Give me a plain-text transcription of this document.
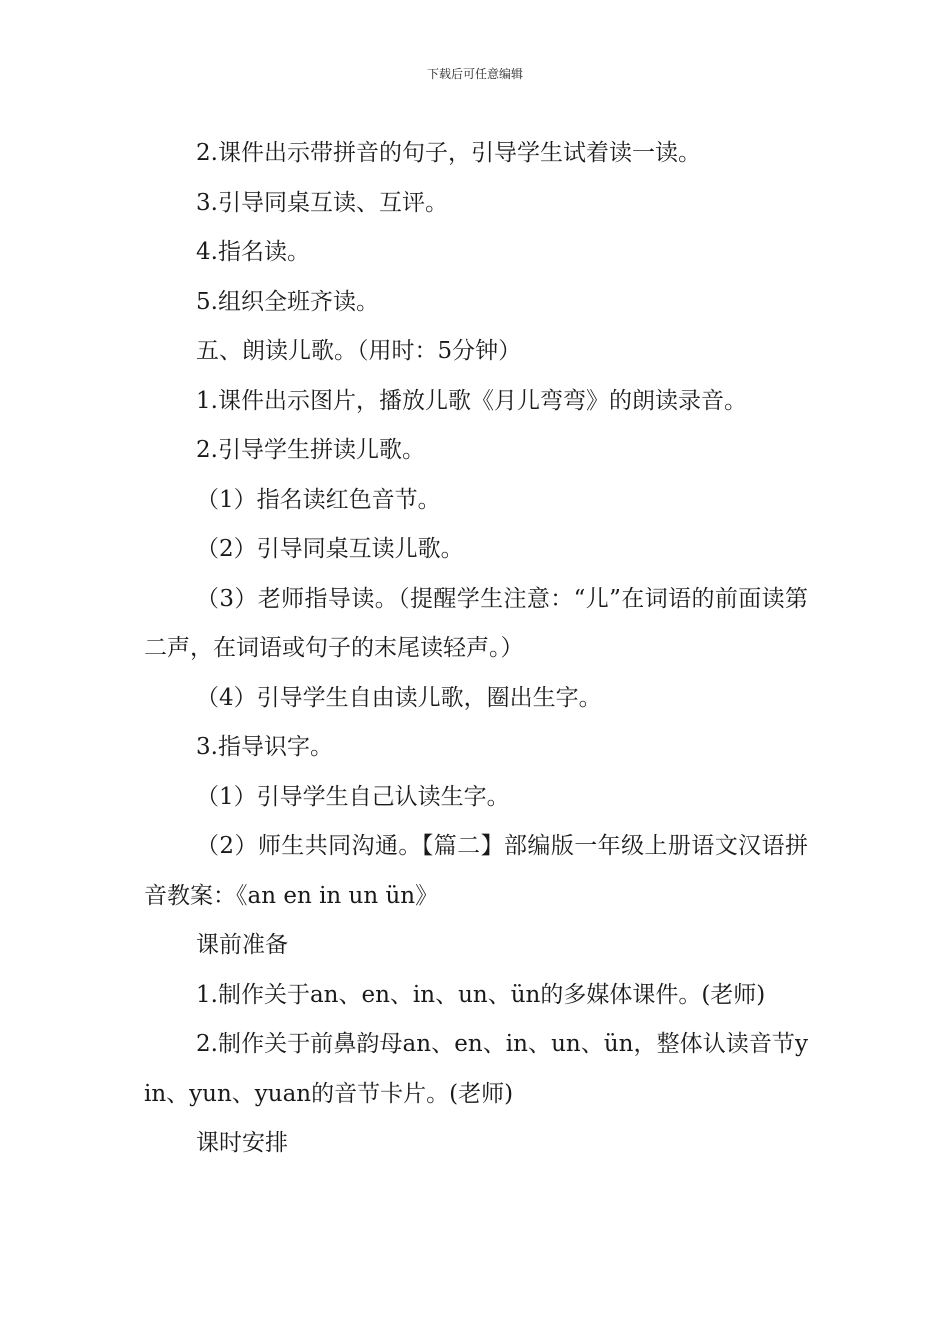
下载后可任意编辑

2.课件出示带拼音的句子，引导学生试着读一读。

3.引导同桌互读、互评。

4.指名读。

5.组织全班齐读。

五、朗读儿歌。（用时：5分钟）

1.课件出示图片，播放儿歌《月儿弯弯》的朗读录音。

2.引导学生拼读儿歌。

（1）指名读红色音节。

（2）引导同桌互读儿歌。

（3）老师指导读。（提醒学生注意：“儿”在词语的前面读第二声，在词语或句子的末尾读轻声。）

（4）引导学生自由读儿歌，圈出生字。

3.指导识字。

（1）引导学生自己认读生字。

（2）师生共同沟通。【篇二】部编版一年级上册语文汉语拼音教案：《an en in un ün》

课前准备

1.制作关于an、en、in、un、ün的多媒体课件。(老师)

2.制作关于前鼻韵母an、en、in、un、ün，整体认读音节yin、yun、yuan的音节卡片。(老师)

课时安排
